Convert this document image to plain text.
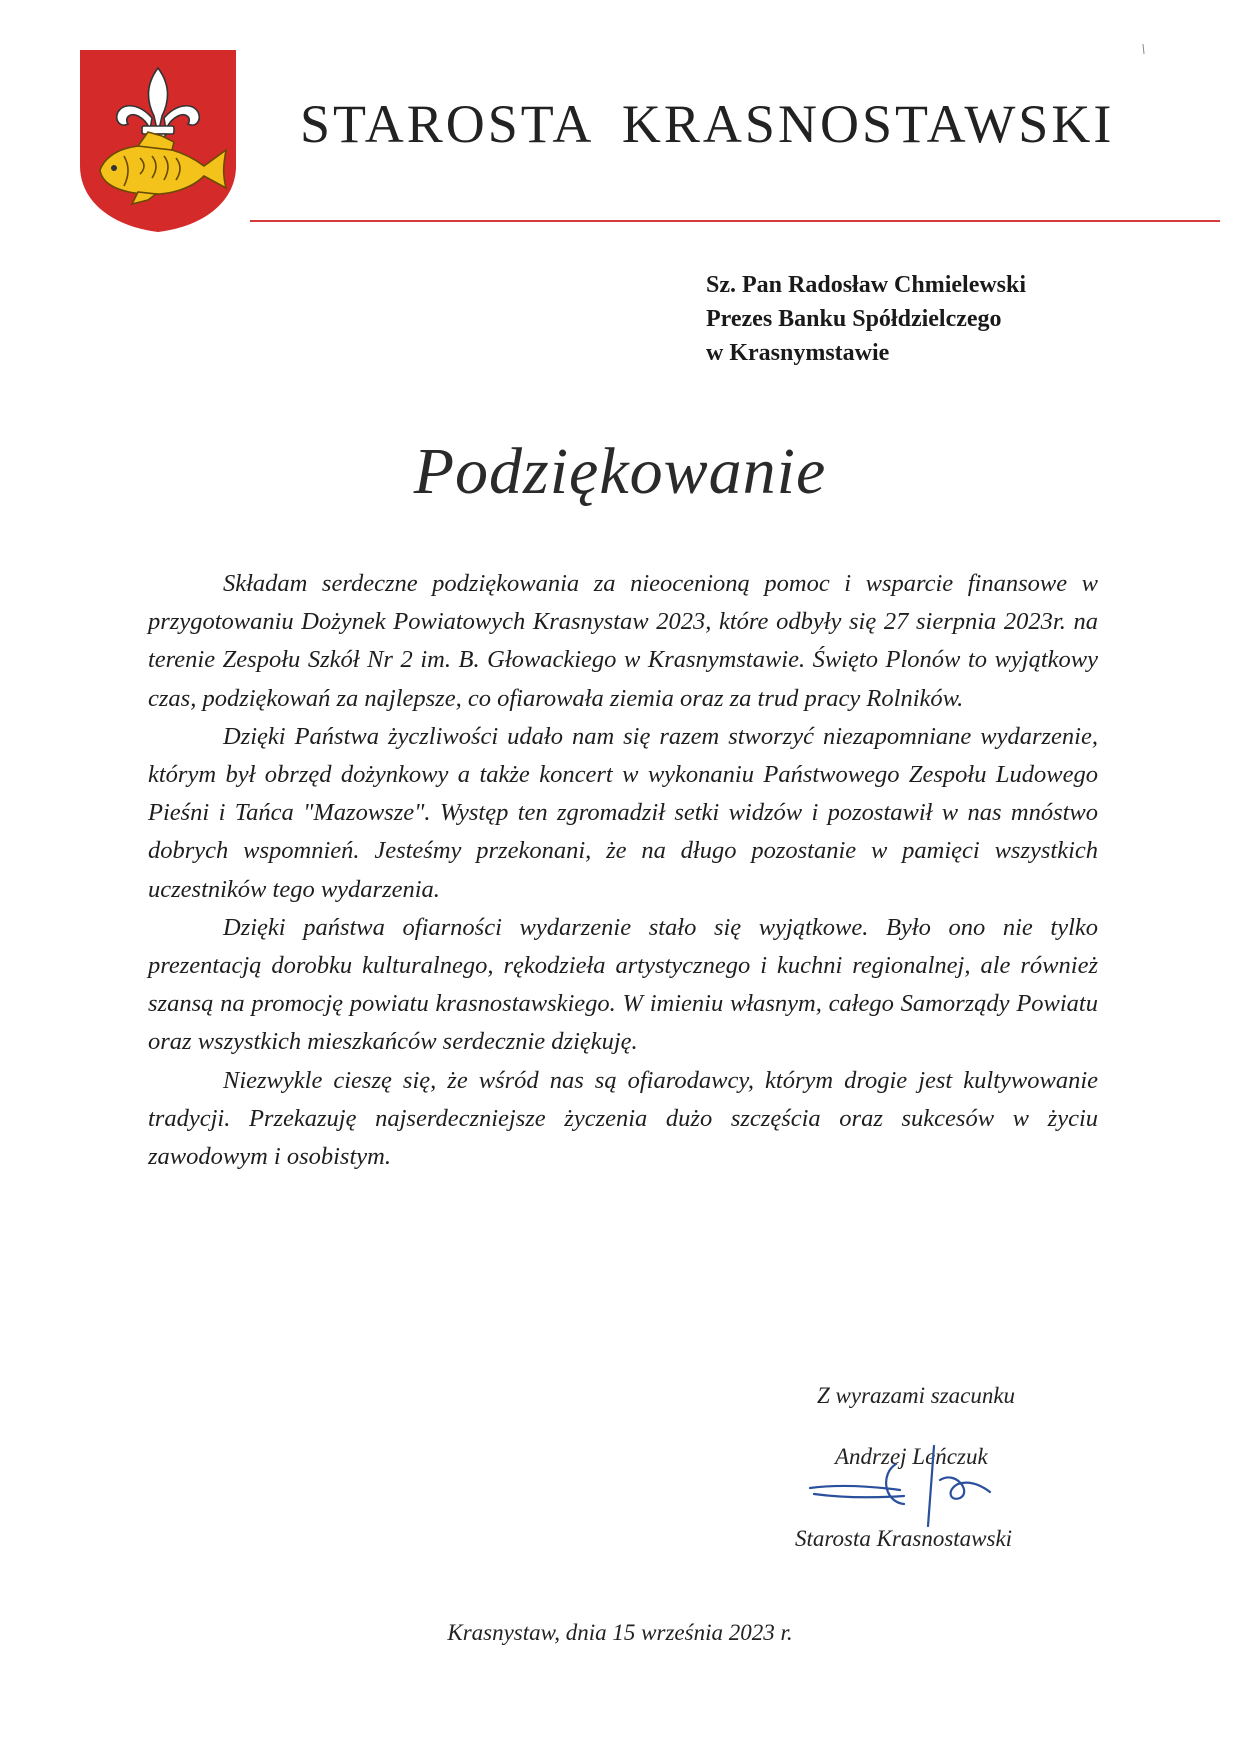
STAROSTA KRASNOSTAWSKI
Sz. Pan Radosław Chmielewski
Prezes Banku Spółdzielczego
w Krasnymstawie
Podziękowanie

Składam serdeczne podziękowania za nieocenioną pomoc i wsparcie finansowe w przygotowaniu Dożynek Powiatowych Krasnystaw 2023, które odbyły się 27 sierpnia 2023r. na terenie Zespołu Szkół Nr 2 im. B. Głowackiego w Krasnymstawie. Święto Plonów to wyjątkowy czas, podziękowań za najlepsze, co ofiarowała ziemia oraz za trud pracy Rolników.

Dzięki Państwa życzliwości udało nam się razem stworzyć niezapomniane wydarzenie, którym był obrzęd dożynkowy a także koncert w wykonaniu Państwowego Zespołu Ludowego Pieśni i Tańca "Mazowsze". Występ ten zgromadził setki widzów i pozostawił w nas mnóstwo dobrych wspomnień. Jesteśmy przekonani, że na długo pozostanie w pamięci wszystkich uczestników tego wydarzenia.

Dzięki państwa ofiarności wydarzenie stało się wyjątkowe. Było ono nie tylko prezentacją dorobku kulturalnego, rękodzieła artystycznego i kuchni regionalnej, ale również szansą na promocję powiatu krasnostawskiego. W imieniu własnym, całego Samorządy Powiatu oraz wszystkich mieszkańców serdecznie dziękuję.

Niezwykle cieszę się, że wśród nas są ofiarodawcy, którym drogie jest kultywowanie tradycji. Przekazuję najserdeczniejsze życzenia dużo szczęścia oraz sukcesów w życiu zawodowym i osobistym.

Z wyrazami szacunku
Andrzej Leńczuk
Starosta Krasnostawski
Krasnystaw, dnia 15 września 2023 r.
